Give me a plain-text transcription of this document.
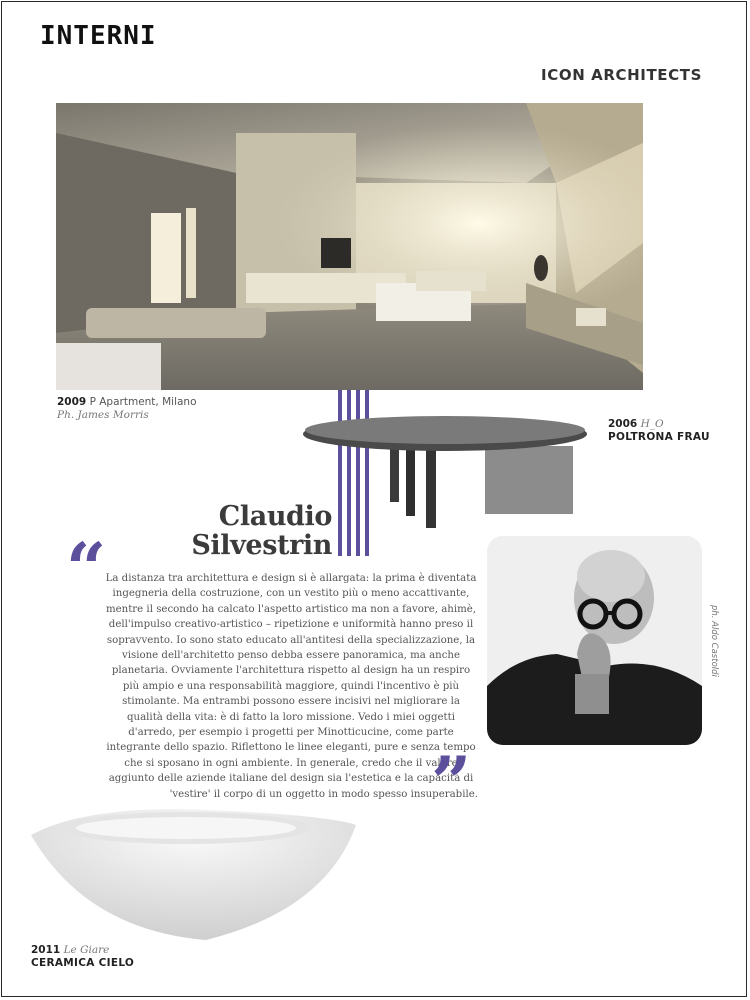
INTERNI
ICON ARCHITECTS
2009 P Apartment, Milano
Ph. James Morris
2006 H_O
POLTRONA FRAU
Claudio
Silvestrin
“ La distanza tra architettura e design si è allargata: la prima è diventata ingegneria della costruzione, con un vestito più o meno accattivante, mentre il secondo ha calcato l'aspetto artistico ma non a favore, ahimè, dell'impulso creativo-artistico – ripetizione e uniformità hanno preso il sopravvento. Io sono stato educato all'antitesi della specializzazione, la visione dell'architetto penso debba essere panoramica, ma anche planetaria. Ovviamente l'architettura rispetto al design ha un respiro più ampio e una responsabilità maggiore, quindi l'incentivo è più stimolante. Ma entrambi possono essere incisivi nel migliorare la qualità della vita: è di fatto la loro missione. Vedo i miei oggetti d'arredo, per esempio i progetti per Minotticucine, come parte integrante dello spazio. Riflettono le linee eleganti, pure e senza tempo che si sposano in ogni ambiente. In generale, credo che il valore aggiunto delle aziende italiane del design sia l'estetica e la capacità di 'vestire' il corpo di un oggetto in modo spesso insuperabile.
”
ph. Aldo Castoldi
2011 Le Giare
CERAMICA CIELO
